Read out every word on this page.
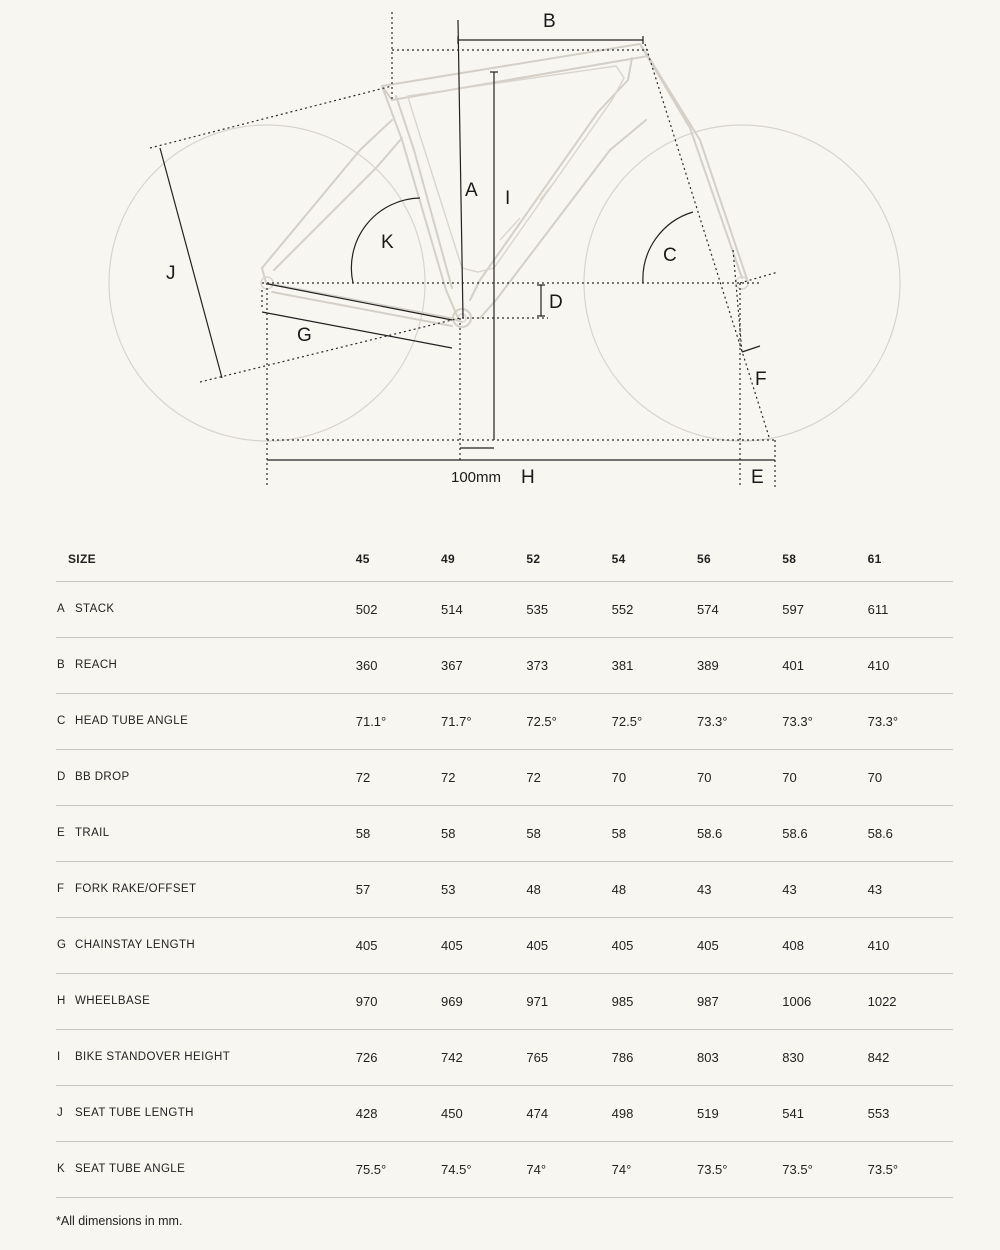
A
B
C
D
E
F
G
H
I
J
K
100mm
SIZE		45	49	52	54	56	58	61
A	STACK	502	514	535	552	574	597	611
B	REACH	360	367	373	381	389	401	410
C	HEAD TUBE ANGLE	71.1°	71.7°	72.5°	72.5°	73.3°	73.3°	73.3°
D	BB DROP	72	72	72	70	70	70	70
E	TRAIL	58	58	58	58	58.6	58.6	58.6
F	FORK RAKE/OFFSET	57	53	48	48	43	43	43
G	CHAINSTAY LENGTH	405	405	405	405	405	408	410
H	WHEELBASE	970	969	971	985	987	1006	1022
I	BIKE STANDOVER HEIGHT	726	742	765	786	803	830	842
J	SEAT TUBE LENGTH	428	450	474	498	519	541	553
K	SEAT TUBE ANGLE	75.5°	74.5°	74°	74°	73.5°	73.5°	73.5°
*All dimensions in mm.
